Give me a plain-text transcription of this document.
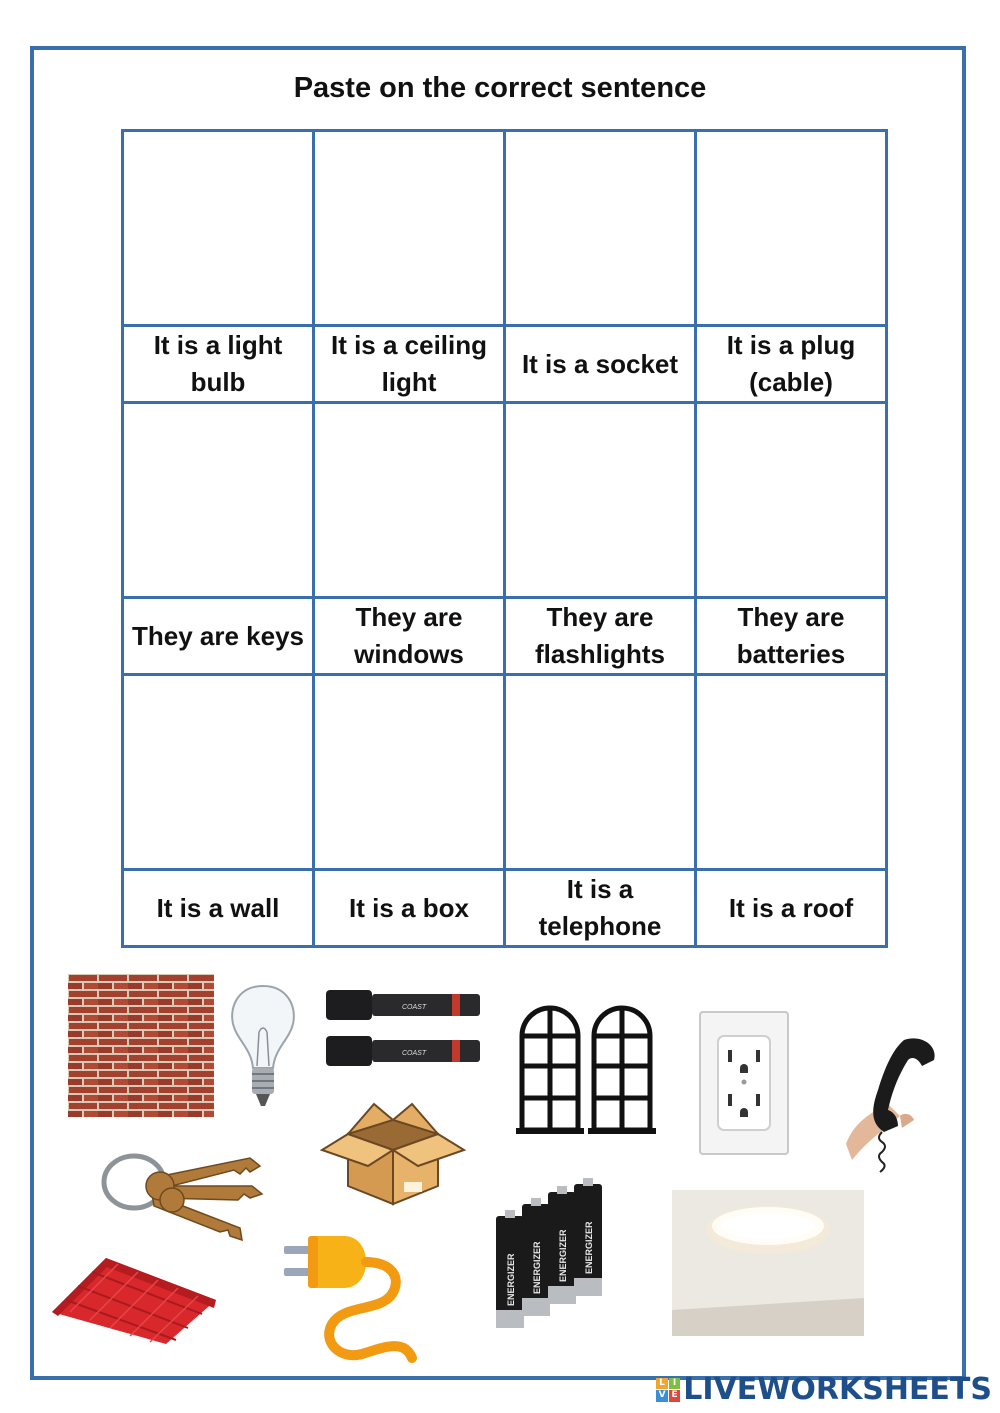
Paste on the correct sentence

It is a light bulb	It is a ceiling light	It is a socket	It is a plug (cable)

They are keys	They are windows	They are flashlights	They are batteries

It is a wall	It is a box	It is a telephone	It is a roof
COAST
COAST
ENERGIZER ENERGIZER ENERGIZER ENERGIZER
L I
V E LIVEWORKSHEETS
